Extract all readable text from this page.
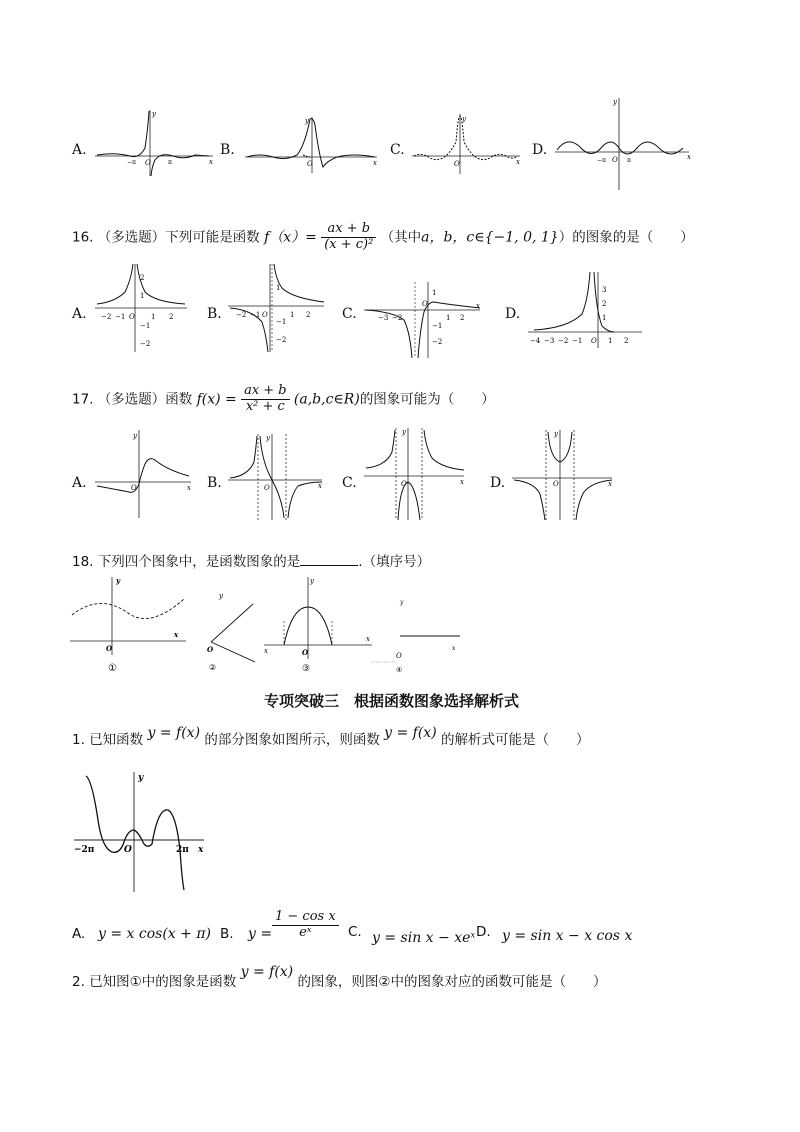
A.
O
y
x
−π	π
B.
O
y
x
C.
O
y
x
D.
O
y
x
−π	π
16. （多选题）下列可能是函数 $f(x)= \frac{ax + b}{\text{(x + c)²}}$ （其中a，b，c∈{−1, 0, 1}）的图象的是（　　）
A.
2
1
−1
−2
−2 −1 O 1 2 B.
1
−1
−2
−2 −1 O	1 2 C.
1
−1
−2
−3 −2
O
1 2
x D.
3
2
1
−4 −3 −2 −1 O 1 2
17. （多选题）函数 $f(x) = \frac{ax + b}{\text{x² + c}}$ (a,b,c∈R)的图象可能为（　　）
A.	O
y
x B.	O
y
x C.	O
y
x D.	O
y
x
18. 下列四个图象中，是函数图象的是	.（填序号）
y
O
x
①
y
O
②
y
O
x
x
③
y
O
x
④
专项突破三　根据函数图象选择解析式
1. 已知函数 y = f(x) 的部分图象如图所示，则函数 y = f(x) 的解析式可能是（　　）
y
O	x
−2π	2π
A. y = x cos(x + π) B. $y = \frac{\text{1 − cos x}}{\text{eˣ}} C$. y = sin x − xeˣ D. y = sin x − x cos x
2. 已知图①中的图象是函数 y = f(x) 的图象，则图②中的图象对应的函数可能是（　　）
